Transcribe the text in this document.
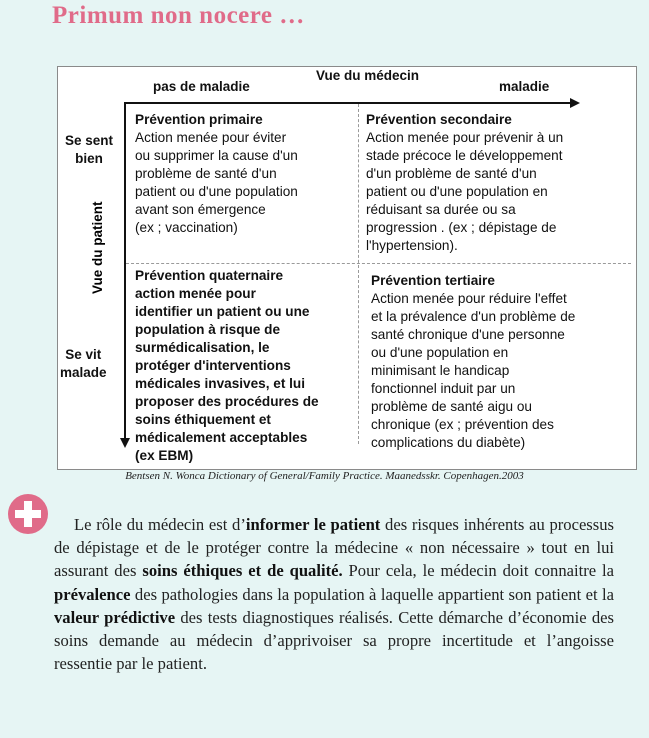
Primum non nocere …
Vue du médecin
pas de maladie	maladie
Se sent
bien
Se vit
malade
Vue du patient
Prévention primaire
Action menée pour éviter
ou supprimer la cause d'un
problème de santé d'un
patient ou d'une population
avant son émergence
(ex ; vaccination)
Prévention secondaire
Action menée pour prévenir à un
stade précoce le développement
d'un problème de santé d'un
patient ou d'une population en
réduisant sa durée ou sa
progression . (ex ; dépistage de
l'hypertension).
Prévention quaternaire
action menée pour
identifier un patient ou une
population à risque de
surmédicalisation, le
protéger d'interventions
médicales invasives, et lui
proposer des procédures de
soins éthiquement et
médicalement acceptables
(ex EBM)
Prévention tertiaire
Action menée pour réduire l'effet
et la prévalence d'un problème de
santé chronique d'une personne
ou d'une population en
minimisant le handicap
fonctionnel induit par un
problème de santé aigu ou
chronique (ex ; prévention des
complications du diabète)
Bentsen N. Wonca Dictionary of General/Family Practice. Maanedsskr. Copenhagen.2003
Le rôle du médecin est d’informer le patient des risques inhérents au processus de dépistage et de le protéger contre la médecine « non nécessaire » tout en lui assurant des soins éthiques et de qualité. Pour cela, le médecin doit connaitre la prévalence des pathologies dans la population à laquelle appartient son patient et la valeur prédictive des tests diagnostiques réalisés. Cette démarche d’économie des soins demande au médecin d’apprivoiser sa propre incertitude et l’angoisse ressentie par le patient.
